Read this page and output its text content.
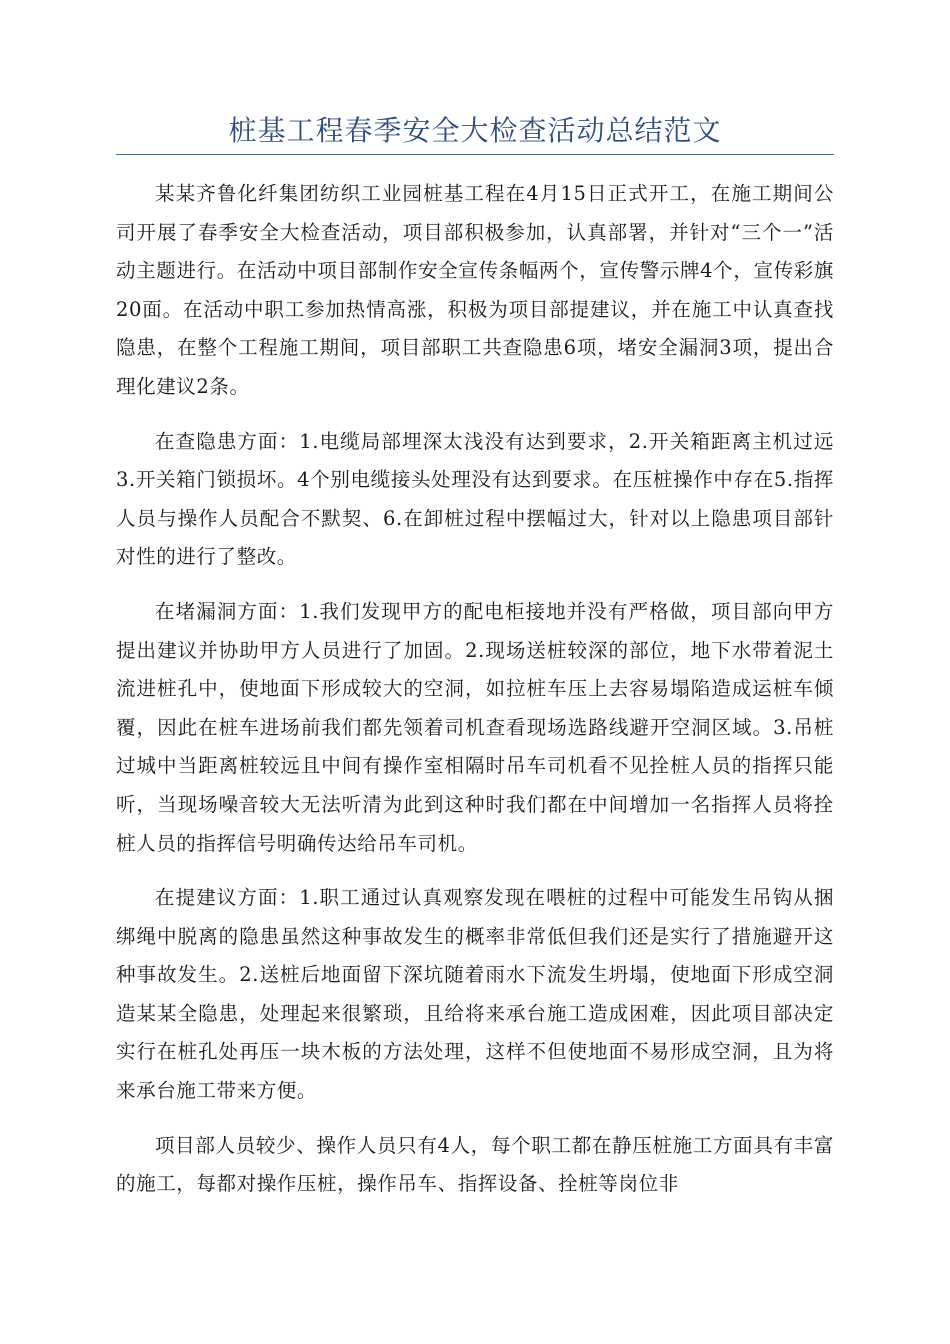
桩基工程春季安全大检查活动总结范文

某某齐鲁化纤集团纺织工业园桩基工程在4月15日正式开工，在施工期间公司开展了春季安全大检查活动，项目部积极参加，认真部署，并针对“三个一”活动主题进行。在活动中项目部制作安全宣传条幅两个，宣传警示牌4个，宣传彩旗20面。在活动中职工参加热情高涨，积极为项目部提建议，并在施工中认真查找隐患，在整个工程施工期间，项目部职工共查隐患6项，堵安全漏洞3项，提出合理化建议2条。

在查隐患方面：1.电缆局部埋深太浅没有达到要求，2.开关箱距离主机过远3.开关箱门锁损坏。4个别电缆接头处理没有达到要求。在压桩操作中存在5.指挥人员与操作人员配合不默契、6.在卸桩过程中摆幅过大，针对以上隐患项目部针对性的进行了整改。

在堵漏洞方面：1.我们发现甲方的配电柜接地并没有严格做，项目部向甲方提出建议并协助甲方人员进行了加固。2.现场送桩较深的部位，地下水带着泥土流进桩孔中，使地面下形成较大的空洞，如拉桩车压上去容易塌陷造成运桩车倾覆，因此在桩车进场前我们都先领着司机查看现场选路线避开空洞区域。3.吊桩过城中当距离桩较远且中间有操作室相隔时吊车司机看不见拴桩人员的指挥只能听，当现场噪音较大无法听清为此到这种时我们都在中间增加一名指挥人员将拴桩人员的指挥信号明确传达给吊车司机。

在提建议方面：1.职工通过认真观察发现在喂桩的过程中可能发生吊钩从捆绑绳中脱离的隐患虽然这种事故发生的概率非常低但我们还是实行了措施避开这种事故发生。2.送桩后地面留下深坑随着雨水下流发生坍塌，使地面下形成空洞造某某全隐患，处理起来很繁琐，且给将来承台施工造成困难，因此项目部决定实行在桩孔处再压一块木板的方法处理，这样不但使地面不易形成空洞，且为将来承台施工带来方便。

项目部人员较少、操作人员只有4人，每个职工都在静压桩施工方面具有丰富的施工，每都对操作压桩，操作吊车、指挥设备、拴桩等岗位非
